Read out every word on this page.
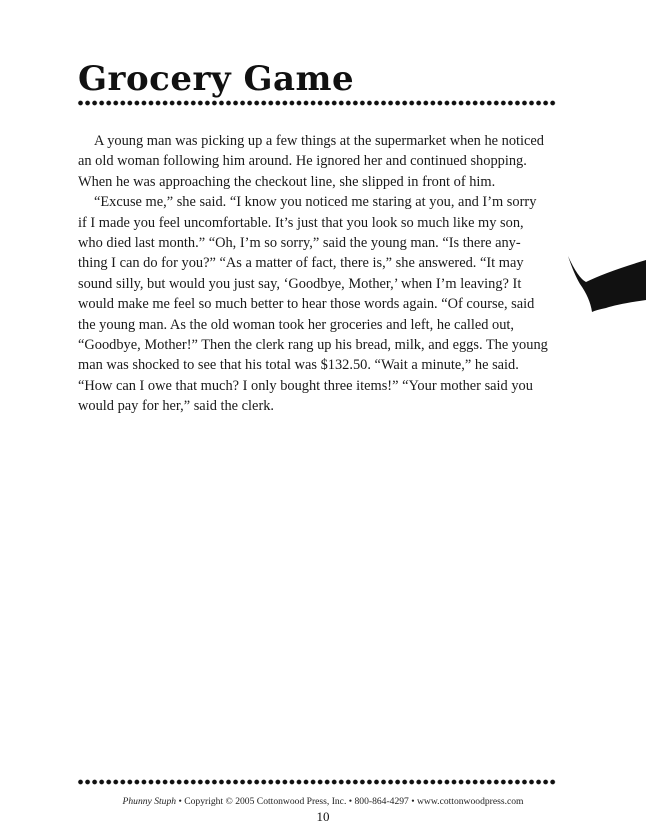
Grocery Game

A young man was picking up a few things at the supermarket when he noticed an old woman following him around. He ignored her and continued shopping. When he was approaching the checkout line, she slipped in front of him.

“Excuse me,” she said. “I know you noticed me staring at you, and I’m sorry if I made you feel uncomfortable. It’s just that you look so much like my son, who died last month.” “Oh, I’m so sorry,” said the young man. “Is there any-thing I can do for you?” “As a matter of fact, there is,” she answered. “It may sound silly, but would you just say, ‘Goodbye, Mother,’ when I’m leaving? It would make me feel so much better to hear those words again. “Of course, said the young man. As the old woman took her groceries and left, he called out, “Goodbye, Mother!” Then the clerk rang up his bread, milk, and eggs. The young man was shocked to see that his total was $132.50. “Wait a minute,” he said. “How can I owe that much? I only bought three items!” “Your mother said you would pay for her,” said the clerk.

Phunny Stuph • Copyright © 2005 Cottonwood Press, Inc. • 800-864-4297 • www.cottonwoodpress.com
10
